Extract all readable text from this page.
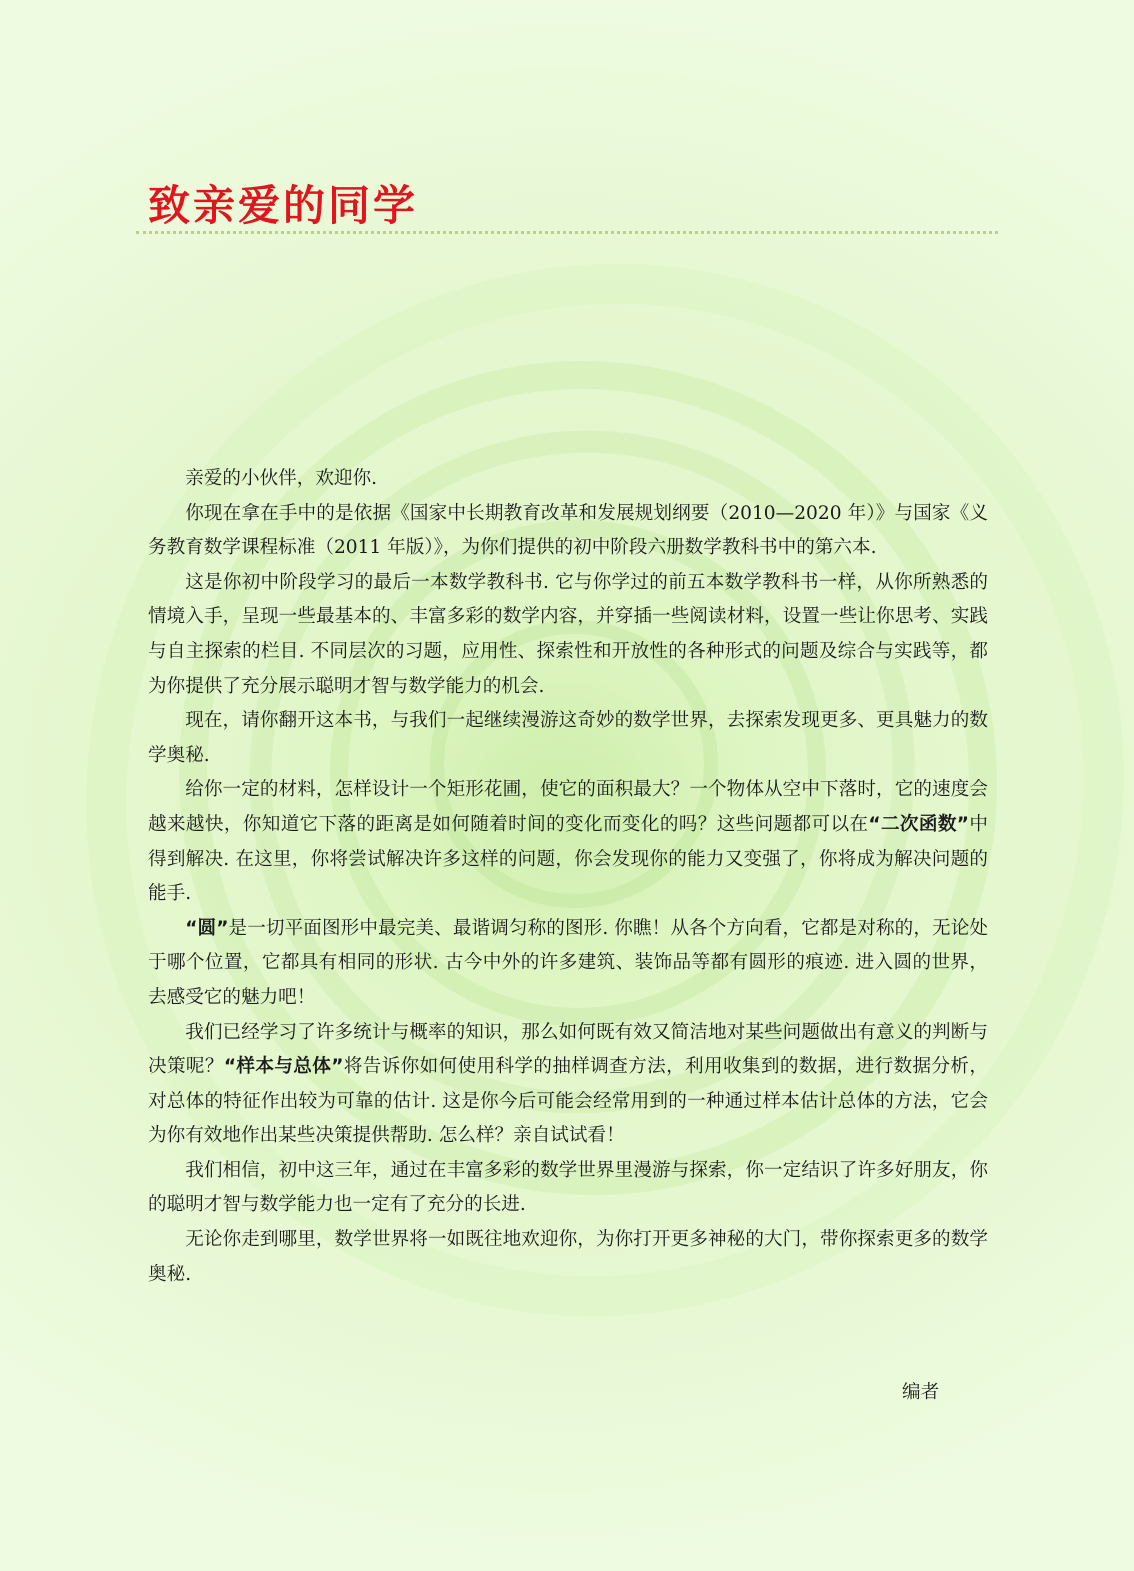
致亲爱的同学

亲爱的小伙伴，欢迎你.

你现在拿在手中的是依据《国家中长期教育改革和发展规划纲要（2010—2020 年）》与国家《义务教育数学课程标准（2011 年版）》，为你们提供的初中阶段六册数学教科书中的第六本.

这是你初中阶段学习的最后一本数学教科书. 它与你学过的前五本数学教科书一样，从你所熟悉的情境入手，呈现一些最基本的、丰富多彩的数学内容，并穿插一些阅读材料，设置一些让你思考、实践与自主探索的栏目. 不同层次的习题，应用性、探索性和开放性的各种形式的问题及综合与实践等，都为你提供了充分展示聪明才智与数学能力的机会.

现在，请你翻开这本书，与我们一起继续漫游这奇妙的数学世界，去探索发现更多、更具魅力的数学奥秘.

给你一定的材料，怎样设计一个矩形花圃，使它的面积最大？一个物体从空中下落时，它的速度会越来越快，你知道它下落的距离是如何随着时间的变化而变化的吗？这些问题都可以在“二次函数”中得到解决. 在这里，你将尝试解决许多这样的问题，你会发现你的能力又变强了，你将成为解决问题的能手.

“圆”是一切平面图形中最完美、最谐调匀称的图形. 你瞧！从各个方向看，它都是对称的，无论处于哪个位置，它都具有相同的形状. 古今中外的许多建筑、装饰品等都有圆形的痕迹. 进入圆的世界，去感受它的魅力吧！

我们已经学习了许多统计与概率的知识，那么如何既有效又简洁地对某些问题做出有意义的判断与决策呢？“样本与总体”将告诉你如何使用科学的抽样调查方法，利用收集到的数据，进行数据分析，对总体的特征作出较为可靠的估计. 这是你今后可能会经常用到的一种通过样本估计总体的方法，它会为你有效地作出某些决策提供帮助. 怎么样？亲自试试看！

我们相信，初中这三年，通过在丰富多彩的数学世界里漫游与探索，你一定结识了许多好朋友，你的聪明才智与数学能力也一定有了充分的长进.

无论你走到哪里，数学世界将一如既往地欢迎你，为你打开更多神秘的大门，带你探索更多的数学奥秘.

编者
